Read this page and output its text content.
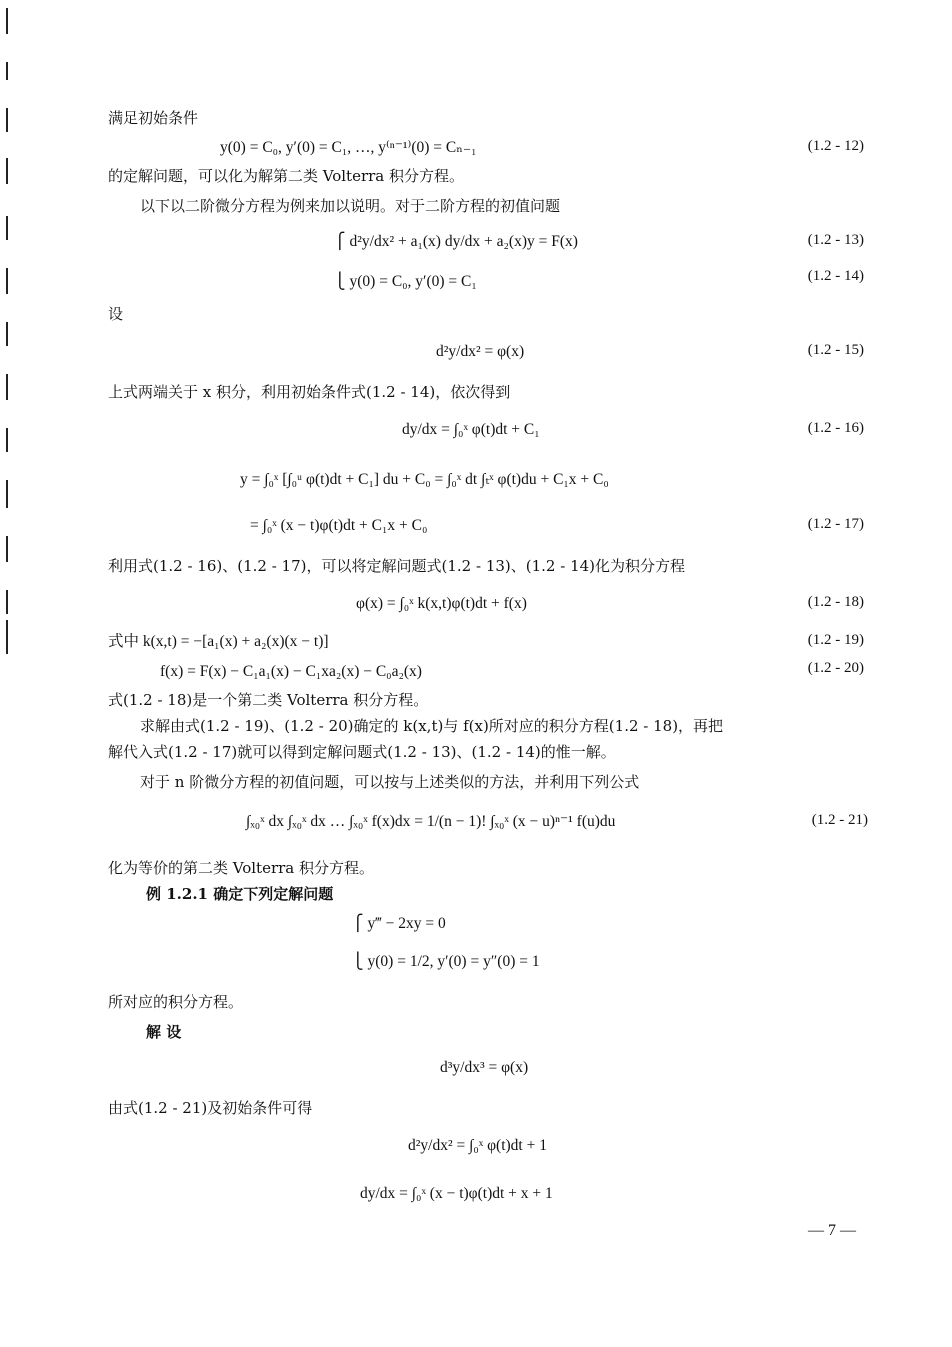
满足初始条件
y(0) = C₀, y′(0) = C₁, …, y⁽ⁿ⁻¹⁾(0) = Cₙ₋₁	(1.2 - 12)
的定解问题，可以化为解第二类 Volterra 积分方程。
以下以二阶微分方程为例来加以说明。对于二阶方程的初值问题
⎧ d²y/dx² + a₁(x) dy/dx + a₂(x)y = F(x)	(1.2 - 13)
⎩ y(0) = C₀, y′(0) = C₁	(1.2 - 14)
设
d²y/dx² = φ(x)	(1.2 - 15)
上式两端关于 x 积分，利用初始条件式(1.2 - 14)，依次得到
dy/dx = ∫₀ˣ φ(t)dt + C₁	(1.2 - 16)
y = ∫₀ˣ [∫₀ᵘ φ(t)dt + C₁] du + C₀ = ∫₀ˣ dt ∫ₜˣ φ(t)du + C₁x + C₀
= ∫₀ˣ (x − t)φ(t)dt + C₁x + C₀	(1.2 - 17)
利用式(1.2 - 16)、(1.2 - 17)，可以将定解问题式(1.2 - 13)、(1.2 - 14)化为积分方程
φ(x) = ∫₀ˣ k(x,t)φ(t)dt + f(x)	(1.2 - 18)
式中 k(x,t) = −[a₁(x) + a₂(x)(x − t)]	(1.2 - 19)
f(x) = F(x) − C₁a₁(x) − C₁xa₂(x) − C₀a₂(x)	(1.2 - 20)
式(1.2 - 18)是一个第二类 Volterra 积分方程。
求解由式(1.2 - 19)、(1.2 - 20)确定的 k(x,t)与 f(x)所对应的积分方程(1.2 - 18)，再把
解代入式(1.2 - 17)就可以得到定解问题式(1.2 - 13)、(1.2 - 14)的惟一解。
对于 n 阶微分方程的初值问题，可以按与上述类似的方法，并利用下列公式
∫ₓ₀ˣ dx ∫ₓ₀ˣ dx … ∫ₓ₀ˣ f(x)dx = 1/(n − 1)! ∫ₓ₀ˣ (x − u)ⁿ⁻¹ f(u)du	(1.2 - 21)
化为等价的第二类 Volterra 积分方程。
例 1.2.1 确定下列定解问题
⎧ y‴ − 2xy = 0
⎩ y(0) = 1/2, y′(0) = y″(0) = 1
所对应的积分方程。
解 设
d³y/dx³ = φ(x)
由式(1.2 - 21)及初始条件可得
d²y/dx² = ∫₀ˣ φ(t)dt + 1
dy/dx = ∫₀ˣ (x − t)φ(t)dt + x + 1
— 7 —
